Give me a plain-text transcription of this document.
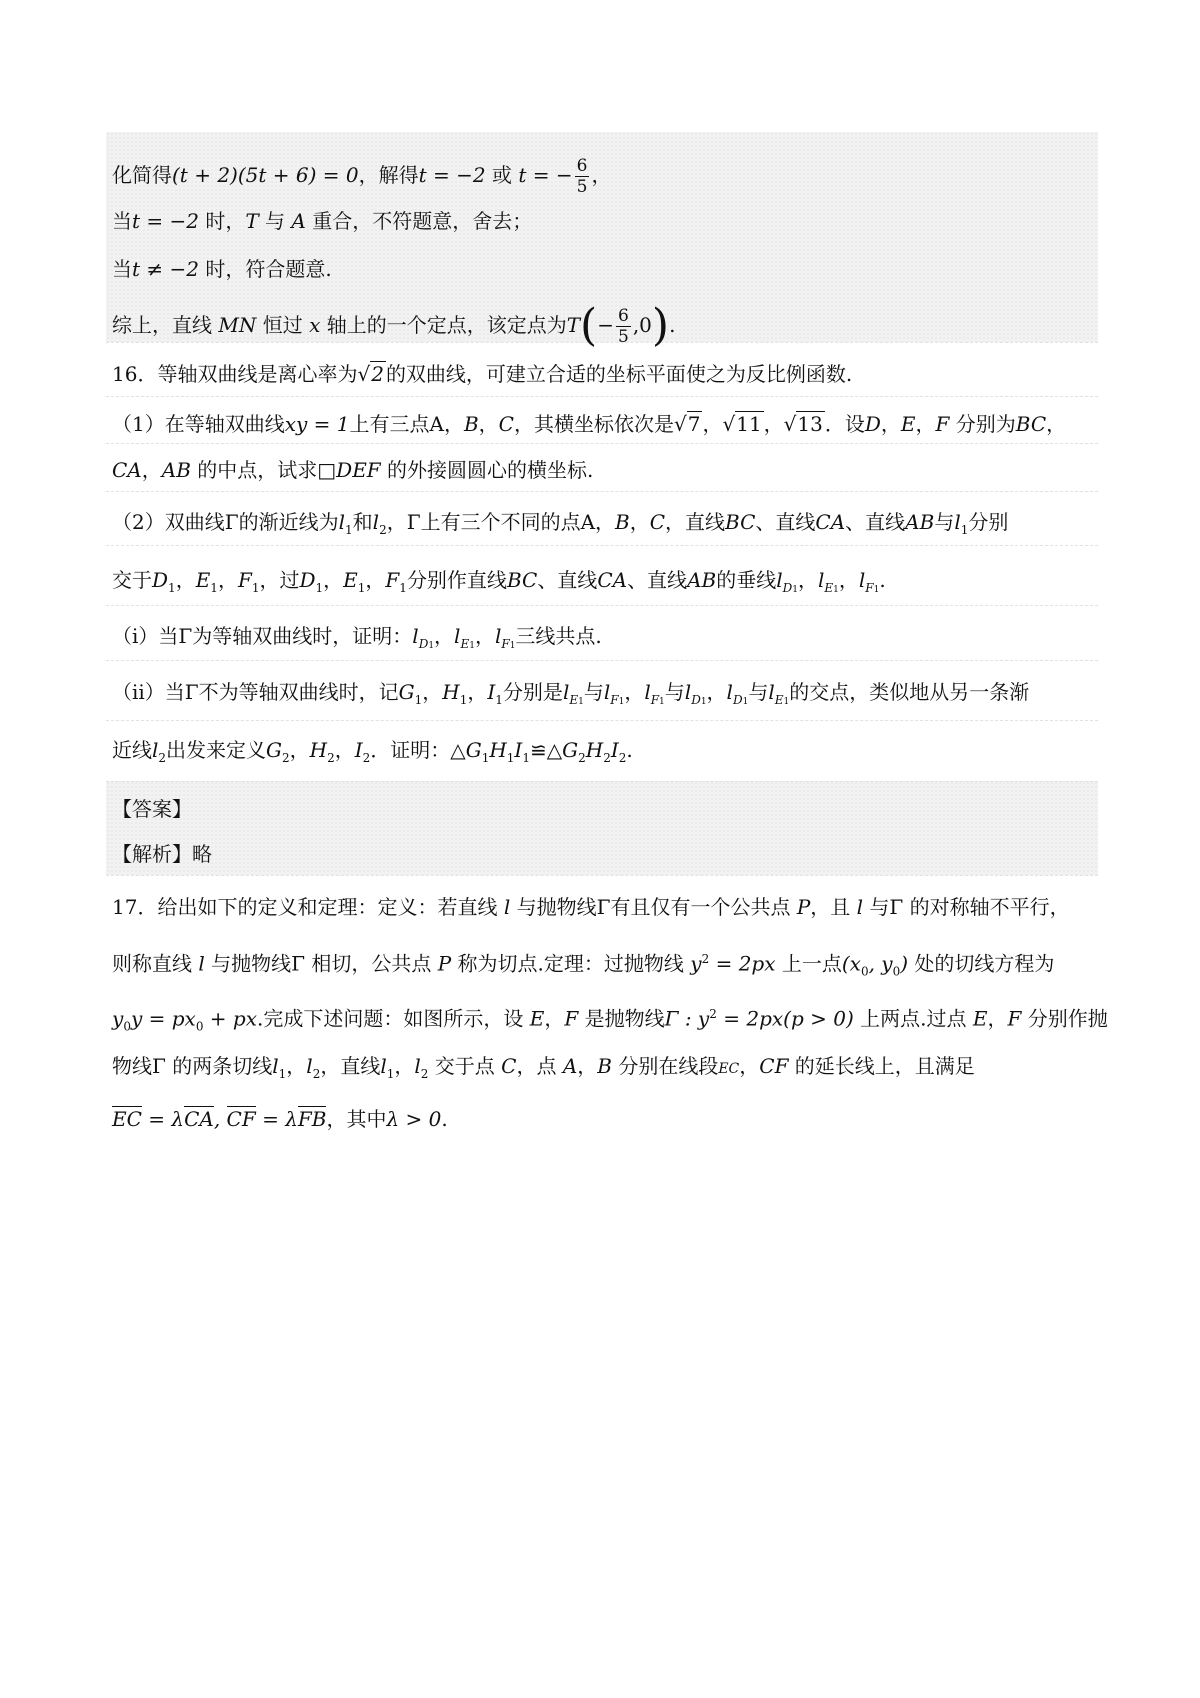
化简得(t + 2)(5t + 6) = 0，解得t = −2 或 t = − $\frac{6}{5}$ ，
当t = −2 时，T 与 A 重合，不符题意，舍去；
当t ≠ −2 时，符合题意.
综上，直线 MN 恒过 x 轴上的一个定点，该定点为$T(- \frac{6}{5} ,0)$.
16．等轴双曲线是离心率为√2 的双曲线，可建立合适的坐标平面使之为反比例函数.
（1）在等轴双曲线xy = 1上有三点A，B，C，其横坐标依次是√7 ，√11 ，√13 ．设D，E，F 分别为BC，
CA，AB 的中点，试求□DEF 的外接圆圆心的横坐标.
（2）双曲线Γ的渐近线为$l_1$和$l_2$，Γ上有三个不同的点A，B，C，直线BC、直线CA、直线AB与$l_1$分别
交于$D_1$，$E_1$，$F_1$，过$D_1$，$E_1$，$F_1$分别作直线BC、直线CA、直线AB的垂线$l_{D1}$，$l_{E1}$，$l_{F1}$.
（i）当Γ为等轴双曲线时，证明：$l_{D1}$，$l_{E1}$，$l_{F1}$三线共点.
（ii）当Γ不为等轴双曲线时，记$G_1$，$H_1$，$I_1$分别是$l_{E1}$与$l_{F1}$，$l_{F1}$与$l_{D1}$，$l_{D1}$与$l_{E1}$的交点，类似地从另一条渐
近线$l_2$出发来定义$G_2$，$H_2$，$I_2$．证明：$\triangle G_1H_1I_1≌\triangle G_2H_2I_2$.
【答案】
【解析】略
17．给出如下的定义和定理：定义：若直线 l 与抛物线Γ有且仅有一个公共点 P，且 l 与Γ 的对称轴不平行，
则称直线 l 与抛物线Γ 相切，公共点 P 称为切点.定理：过抛物线 $y^2 = 2px$ 上一点($x_0$, $y_0$) 处的切线方程为
$y_0y = px_0$ + px.完成下述问题：如图所示，设 E，F 是抛物线Γ : $y^2 = 2px(p > 0)$ 上两点.过点 E，F 分别作抛
物线Γ 的两条切线$l_1$，$l_2$，直线$l_1$，$l_2$ 交于点 C，点 A，B 分别在线段EC，CF 的延长线上，且满足
EC = λCA, CF = λFB，其中λ > 0.
